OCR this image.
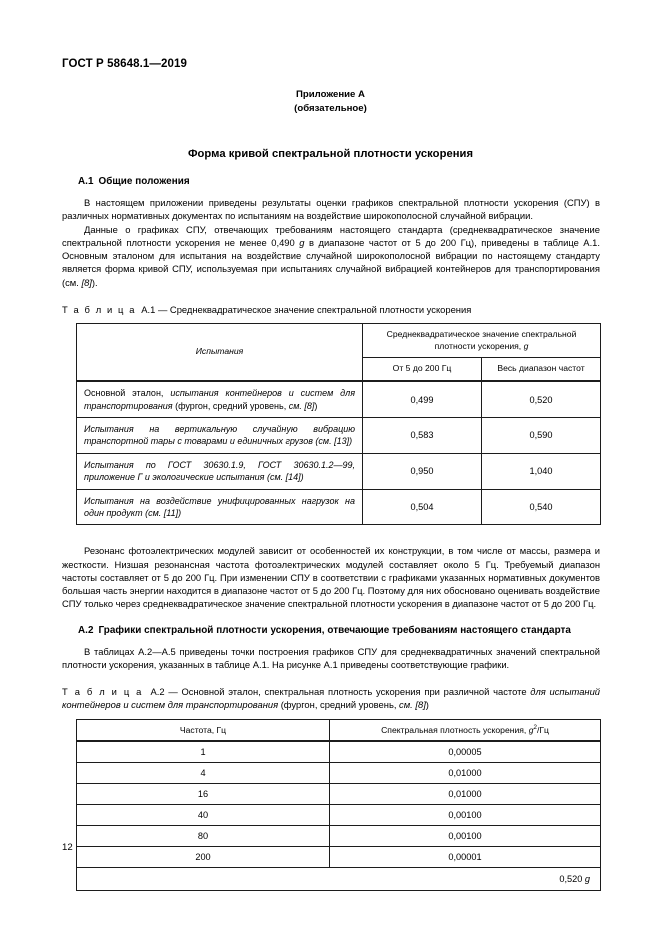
ГОСТ Р 58648.1—2019
Приложение А
(обязательное)
Форма кривой спектральной плотности ускорения
А.1 Общие положения

В настоящем приложении приведены результаты оценки графиков спектральной плотности ускорения (СПУ) в различных нормативных документах по испытаниям на воздействие широкополосной случайной вибрации.

Данные о графиках СПУ, отвечающих требованиям настоящего стандарта (среднеквадратическое значение спектральной плотности ускорения не менее 0,490 g в диапазоне частот от 5 до 200 Гц), приведены в таблице А.1. Основным эталоном для испытания на воздействие случайной широкополосной вибрации по настоящему стандарту является форма кривой СПУ, используемая при испытаниях случайной вибрацией контейнеров для транспортирования (см. [8]).

Т а б л и ц а А.1 — Среднеквадратическое значение спектральной плотности ускорения

Испытания	Среднеквадратическое значение спектральной плотности ускорения, g	
	От 5 до 200 Гц	Весь диапазон частот
Основной эталон, испытания контейнеров и систем для транспортирования (фургон, средний уровень, см. [8])	0,499	0,520
Испытания на вертикальную случайную вибрацию транспортной тары с товарами и единичных грузов (см. [13])	0,583	0,590
Испытания по ГОСТ 30630.1.9, ГОСТ 30630.1.2—99, приложение Г и экологические испытания (см. [14])	0,950	1,040
Испытания на воздействие унифицированных нагрузок на один продукт (см. [11])	0,504	0,540

Резонанс фотоэлектрических модулей зависит от особенностей их конструкции, в том числе от массы, размера и жесткости. Низшая резонансная частота фотоэлектрических модулей составляет около 5 Гц. Требуемый диапазон частоты составляет от 5 до 200 Гц. При изменении СПУ в соответствии с графиками указанных нормативных документов большая часть энергии находится в диапазоне частот от 5 до 200 Гц. Поэтому для них обосновано оценивать воздействие СПУ только через среднеквадратическое значение спектральной плотности ускорения в диапазоне частот от 5 до 200 Гц.

А.2 Графики спектральной плотности ускорения, отвечающие требованиям настоящего стандарта

В таблицах А.2—А.5 приведены точки построения графиков СПУ для среднеквадратичных значений спектральной плотности ускорения, указанных в таблице А.1. На рисунке А.1 приведены соответствующие графики.

Т а б л и ц а А.2 — Основной эталон, спектральная плотность ускорения при различной частоте для испытаний контейнеров и систем для транспортирования (фургон, средний уровень, см. [8])

Частота, Гц	Спектральная плотность ускорения, $g^2/Гц$
1	0,00005
4	0,01000
16	0,01000
40	0,00100
80	0,00100
200	0,00001
0,520 g	
12
